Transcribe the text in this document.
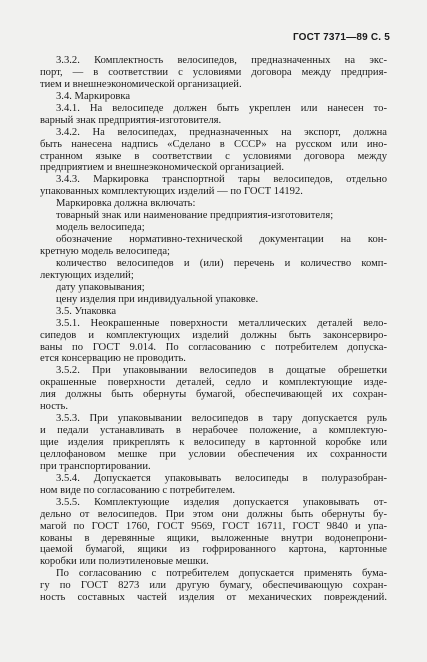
ГОСТ 7371—89 С. 5
3.3.2. Комплектность велосипедов, предназначенных на экс-
порт, — в соответствии с условиями договора между предприя-
тием и внешнеэкономической организацией.
3.4. Маркировка
3.4.1. На велосипеде должен быть укреплен или нанесен то-
варный знак предприятия-изготовителя.
3.4.2. На велосипедах, предназначенных на экспорт, должна
быть нанесена надпись «Сделано в СССР» на русском или ино-
странном языке в соответствии с условиями договора между
предприятием и внешнеэкономической организацией.
3.4.3. Маркировка транспортной тары велосипедов, отдельно
упакованных комплектующих изделий — по ГОСТ 14192.
Маркировка должна включать:
товарный знак или наименование предприятия-изготовителя;
модель велосипеда;
обозначение нормативно-технической документации на кон-
кретную модель велосипеда;
количество велосипедов и (или) перечень и количество комп-
лектующих изделий;
дату упаковывания;
цену изделия при индивидуальной упаковке.
3.5. Упаковка
3.5.1. Неокрашенные поверхности металлических деталей вело-
сипедов и комплектующих изделий должны быть законсервиро-
ваны по ГОСТ 9.014. По согласованию с потребителем допуска-
ется консервацию не проводить.
3.5.2. При упаковывании велосипедов в дощатые обрешетки
окрашенные поверхности деталей, седло и комплектующие изде-
лия должны быть обернуты бумагой, обеспечивающей их сохран-
ность.
3.5.3. При упаковывании велосипедов в тару допускается руль
и педали устанавливать в нерабочее положение, а комплектую-
щие изделия прикреплять к велосипеду в картонной коробке или
целлофановом мешке при условии обеспечения их сохранности
при транспортировании.
3.5.4. Допускается упаковывать велосипеды в полуразобран-
ном виде по согласованию с потребителем.
3.5.5. Комплектующие изделия допускается упаковывать от-
дельно от велосипедов. При этом они должны быть обернуты бу-
магой по ГОСТ 1760, ГОСТ 9569, ГОСТ 16711, ГОСТ 9840 и упа-
кованы в деревянные ящики, выложенные внутри водонепрони-
цаемой бумагой, ящики из гофрированного картона, картонные
коробки или полиэтиленовые мешки.
По согласованию с потребителем допускается применять бума-
гу по ГОСТ 8273 или другую бумагу, обеспечивающую сохран-
ность составных частей изделия от механических повреждений.
